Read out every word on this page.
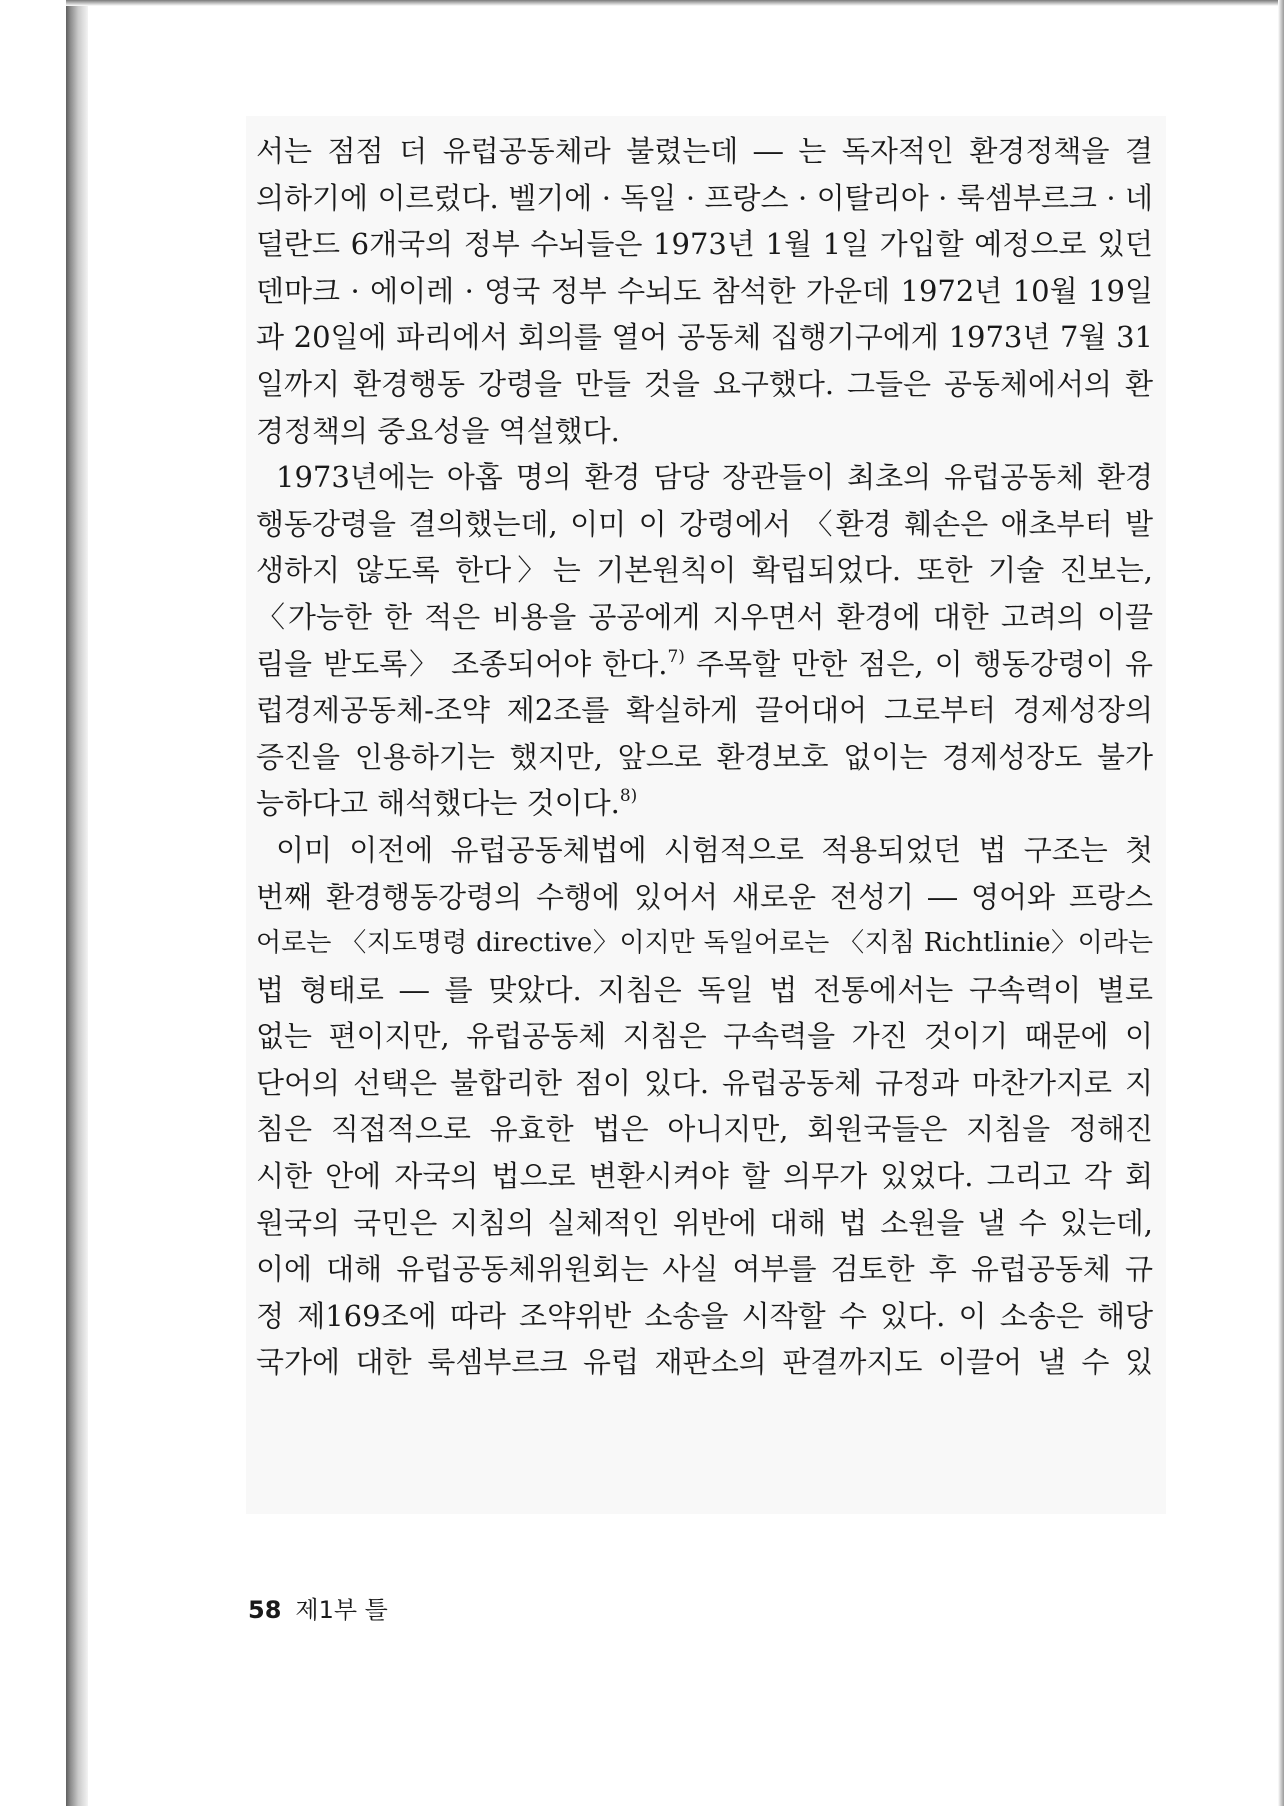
서는 점점 더 유럽공동체라 불렸는데 ― 는 독자적인 환경정책을 결
의하기에 이르렀다. 벨기에 · 독일 · 프랑스 · 이탈리아 · 룩셈부르크 · 네
덜란드 6개국의 정부 수뇌들은 1973년 1월 1일 가입할 예정으로 있던
덴마크 · 에이레 · 영국 정부 수뇌도 참석한 가운데 1972년 10월 19일
과 20일에 파리에서 회의를 열어 공동체 집행기구에게 1973년 7월 31
일까지 환경행동 강령을 만들 것을 요구했다. 그들은 공동체에서의 환
경정책의 중요성을 역설했다.
1973년에는 아홉 명의 환경 담당 장관들이 최초의 유럽공동체 환경
행동강령을 결의했는데, 이미 이 강령에서 〈환경 훼손은 애초부터 발
생하지 않도록 한다〉는 기본원칙이 확립되었다. 또한 기술 진보는,
〈가능한 한 적은 비용을 공공에게 지우면서 환경에 대한 고려의 이끌
림을 받도록〉 조종되어야 한다.$^{7)}$ 주목할 만한 점은, 이 행동강령이 유
럽경제공동체-조약 제2조를 확실하게 끌어대어 그로부터 경제성장의
증진을 인용하기는 했지만, 앞으로 환경보호 없이는 경제성장도 불가
능하다고 해석했다는 것이다.$^{8)}$
이미 이전에 유럽공동체법에 시험적으로 적용되었던 법 구조는 첫
번째 환경행동강령의 수행에 있어서 새로운 전성기 ― 영어와 프랑스
어로는 〈지도명령 directive〉이지만 독일어로는 〈지침 Richtlinie〉이라는
법 형태로 ― 를 맞았다. 지침은 독일 법 전통에서는 구속력이 별로
없는 편이지만, 유럽공동체 지침은 구속력을 가진 것이기 때문에 이
단어의 선택은 불합리한 점이 있다. 유럽공동체 규정과 마찬가지로 지
침은 직접적으로 유효한 법은 아니지만, 회원국들은 지침을 정해진
시한 안에 자국의 법으로 변환시켜야 할 의무가 있었다. 그리고 각 회
원국의 국민은 지침의 실체적인 위반에 대해 법 소원을 낼 수 있는데,
이에 대해 유럽공동체위원회는 사실 여부를 검토한 후 유럽공동체 규
정 제169조에 따라 조약위반 소송을 시작할 수 있다. 이 소송은 해당
국가에 대한 룩셈부르크 유럽 재판소의 판결까지도 이끌어 낼 수 있
58 제1부 틀
